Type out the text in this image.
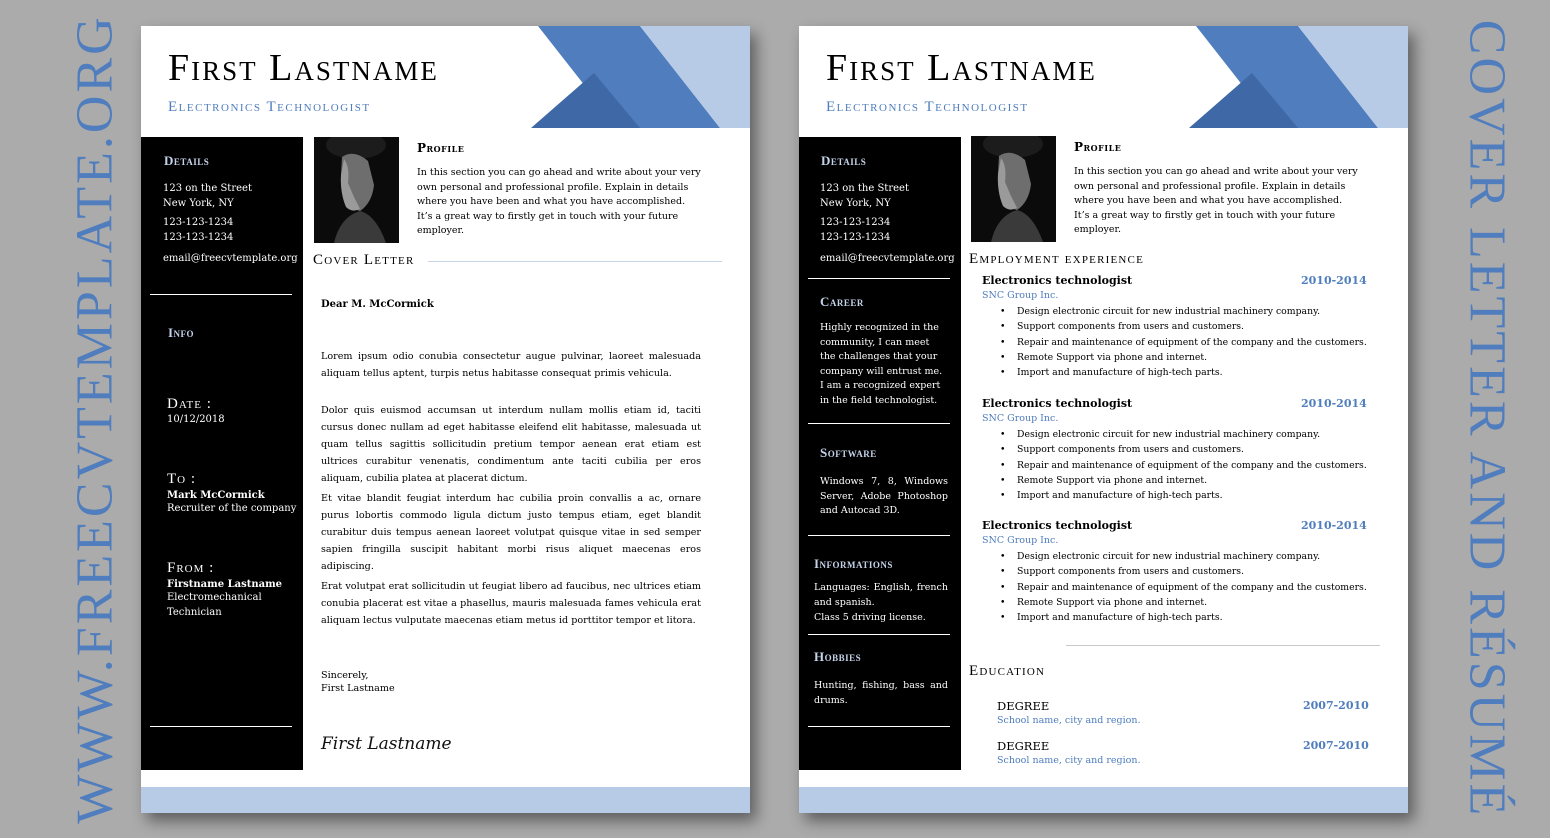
WWW.FREECVTEMPLATE.ORG	COVER LETTER AND RÉSUMÉ
First Lastname
Electronics Technologist
Details
123 on the Street
New York, NY
123-123-1234
123-123-1234
email@freecvtemplate.org
Info
Date :
10/12/2018
To :
Mark McCormick
Recruiter of the company
From :
Firstname Lastname
Electromechanical
Technician
Profile
In this section you can go ahead and write about your very own personal and professional profile. Explain in details where you have been and what you have accomplished. It’s a great way to firstly get in touch with your future employer.
Cover Letter
Dear M. McCormick
Lorem ipsum odio conubia consectetur augue pulvinar, laoreet malesuada aliquam tellus aptent, turpis netus habitasse consequat primis vehicula.
Dolor quis euismod accumsan ut interdum nullam mollis etiam id, taciti cursus donec nullam ad eget habitasse eleifend elit habitasse, malesuada ut quam tellus sagittis sollicitudin pretium tempor aenean erat etiam est ultrices curabitur venenatis, condimentum ante taciti cubilia per eros aliquam, cubilia platea at placerat dictum.
Et vitae blandit feugiat interdum hac cubilia proin convallis a ac, ornare purus lobortis commodo ligula dictum justo tempus etiam, eget blandit curabitur duis tempus aenean laoreet volutpat quisque vitae in sed semper sapien fringilla suscipit habitant morbi risus aliquet maecenas eros adipiscing.
Erat volutpat erat sollicitudin ut feugiat libero ad faucibus, nec ultrices etiam conubia placerat est vitae a phasellus, mauris malesuada fames vehicula erat aliquam lectus vulputate maecenas etiam metus id porttitor tempor et litora.
Sincerely,
First Lastname
First Lastname
First Lastname
Electronics Technologist
Details
123 on the Street
New York, NY
123-123-1234
123-123-1234
email@freecvtemplate.org
Career
Highly recognized in the community, I can meet the challenges that your company will entrust me. I am a recognized expert in the field technologist.
Software
Windows 7, 8, Windows Server, Adobe Photoshop and Autocad 3D.
Informations
Languages: English, french and spanish.
Class 5 driving license.
Hobbies
Hunting, fishing, bass and drums.
Profile
In this section you can go ahead and write about your very own personal and professional profile. Explain in details where you have been and what you have accomplished. It’s a great way to firstly get in touch with your future employer.
Employment experience
Electronics technologist	2010-2014
SNC Group Inc.
• Design electronic circuit for new industrial machinery company.
• Support components from users and customers.
• Repair and maintenance of equipment of the company and the customers.
• Remote Support via phone and internet.
• Import and manufacture of high-tech parts.
Electronics technologist	2010-2014
SNC Group Inc.
• Design electronic circuit for new industrial machinery company.
• Support components from users and customers.
• Repair and maintenance of equipment of the company and the customers.
• Remote Support via phone and internet.
• Import and manufacture of high-tech parts.
Electronics technologist	2010-2014
SNC Group Inc.
• Design electronic circuit for new industrial machinery company.
• Support components from users and customers.
• Repair and maintenance of equipment of the company and the customers.
• Remote Support via phone and internet.
• Import and manufacture of high-tech parts.
Education
DEGREE	2007-2010
School name, city and region.
DEGREE	2007-2010
School name, city and region.
